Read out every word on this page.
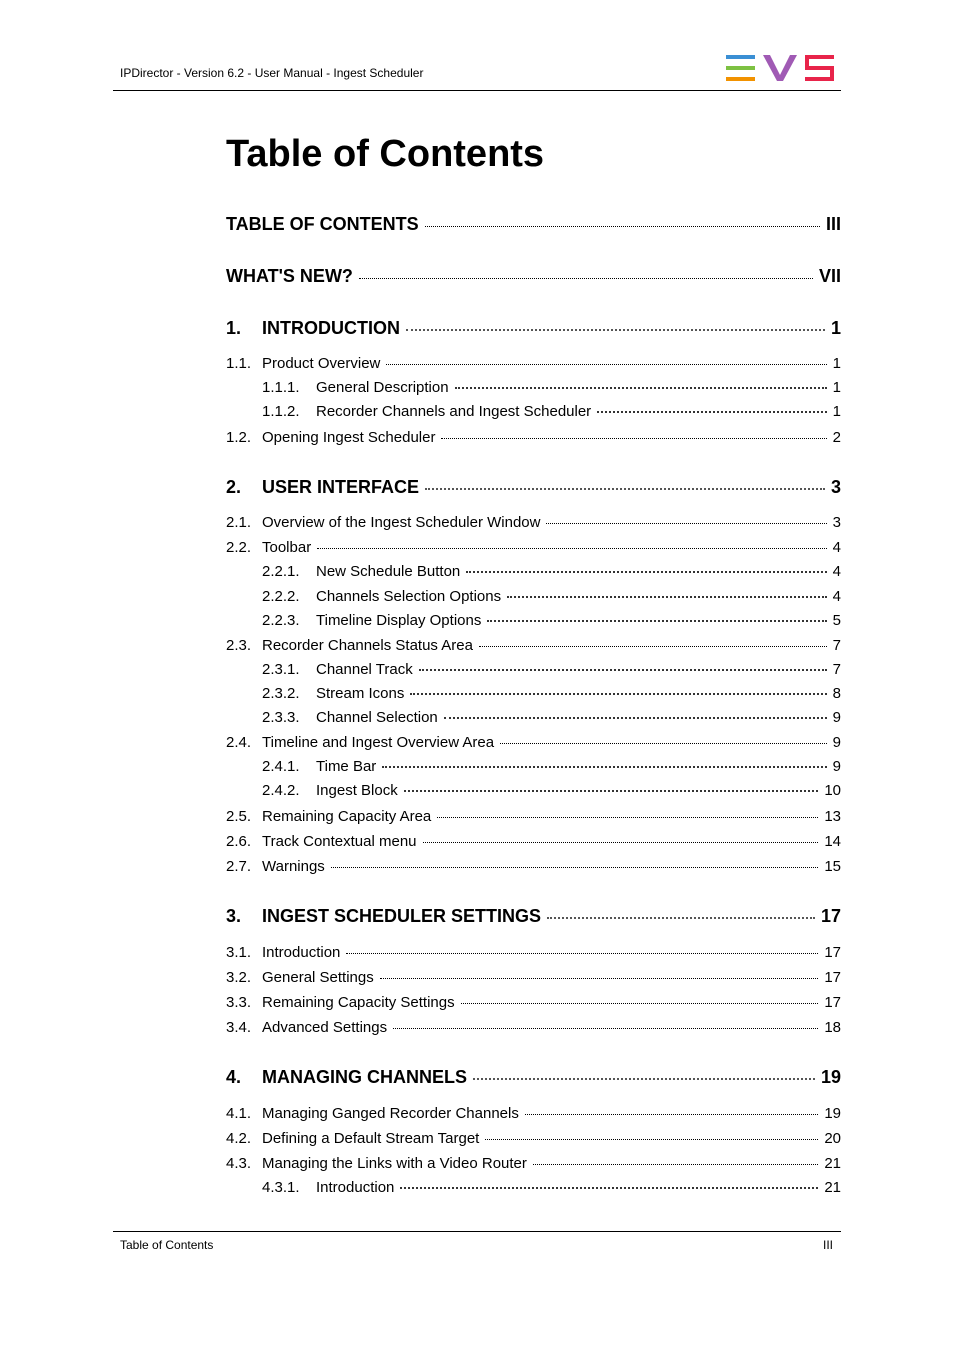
IPDirector - Version 6.2 - User Manual - Ingest Scheduler
Table of Contents
TABLE OF CONTENTS	III
WHAT'S NEW?	VII
1.	INTRODUCTION	1
1.1. Product Overview	1
1.1.1.	General Description	1
1.1.2.	Recorder Channels and Ingest Scheduler	1
1.2. Opening Ingest Scheduler	2
2.	USER INTERFACE	3
2.1. Overview of the Ingest Scheduler Window	3
2.2. Toolbar	4
2.2.1.	New Schedule Button	4
2.2.2.	Channels Selection Options	4
2.2.3.	Timeline Display Options	5
2.3. Recorder Channels Status Area	7
2.3.1.	Channel Track	7
2.3.2.	Stream Icons	8
2.3.3.	Channel Selection	9
2.4. Timeline and Ingest Overview Area	9
2.4.1.	Time Bar	9
2.4.2.	Ingest Block	10
2.5. Remaining Capacity Area	13
2.6. Track Contextual menu	14
2.7. Warnings	15
3.	INGEST SCHEDULER SETTINGS	17
3.1. Introduction	17
3.2. General Settings	17
3.3. Remaining Capacity Settings	17
3.4. Advanced Settings	18
4.	MANAGING CHANNELS	19
4.1. Managing Ganged Recorder Channels	19
4.2. Defining a Default Stream Target	20
4.3. Managing the Links with a Video Router	21
4.3.1.	Introduction	21
Table of Contents	III
